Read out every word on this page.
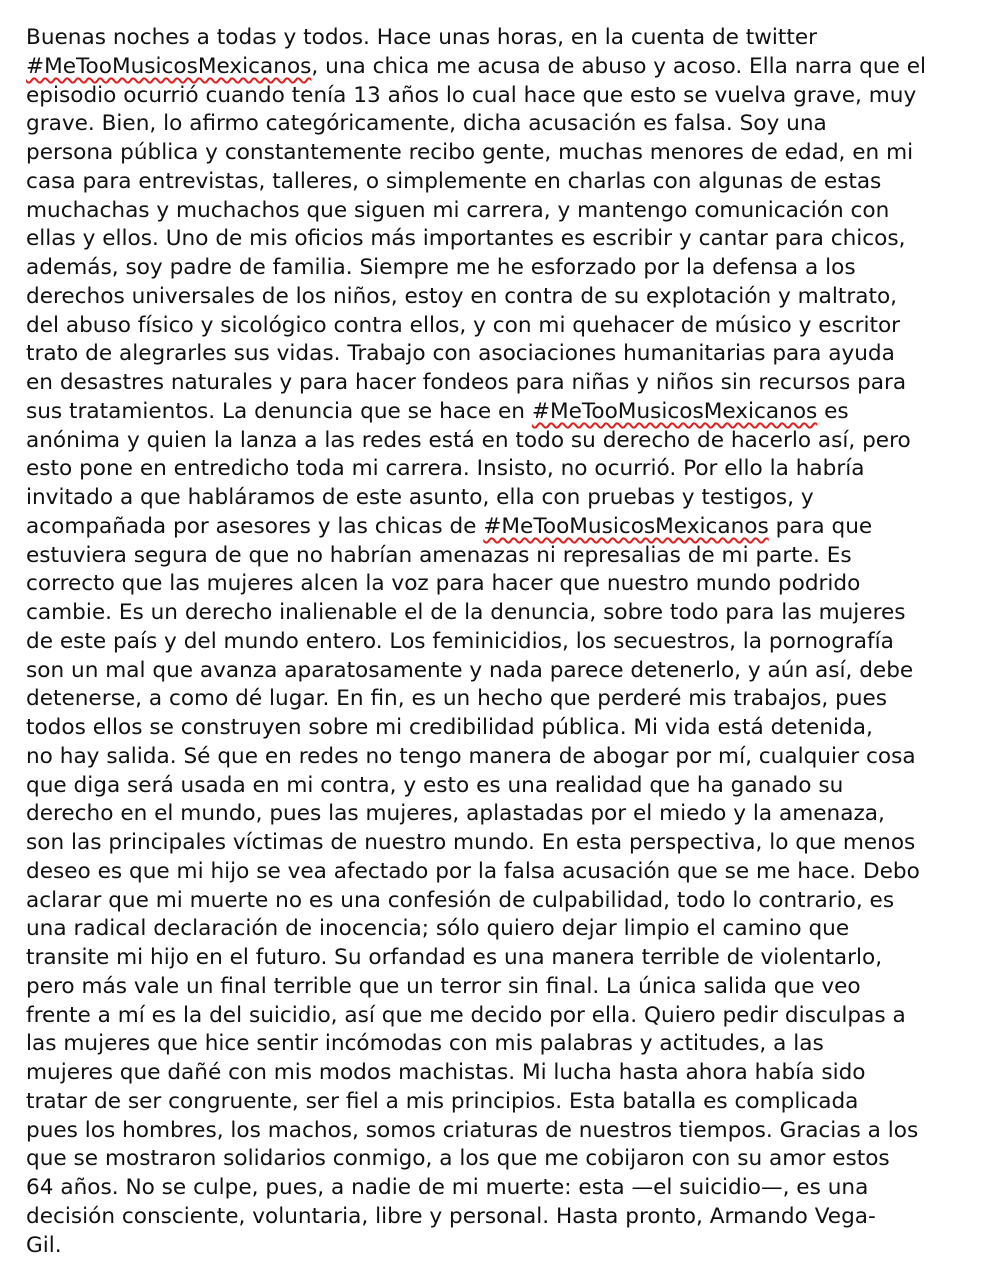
Buenas noches a todas y todos. Hace unas horas, en la cuenta de twitter
#MeTooMusicosMexicanos, una chica me acusa de abuso y acoso. Ella narra que el
episodio ocurrió cuando tenía 13 años lo cual hace que esto se vuelva grave, muy
grave. Bien, lo afirmo categóricamente, dicha acusación es falsa. Soy una
persona pública y constantemente recibo gente, muchas menores de edad, en mi
casa para entrevistas, talleres, o simplemente en charlas con algunas de estas
muchachas y muchachos que siguen mi carrera, y mantengo comunicación con
ellas y ellos. Uno de mis oficios más importantes es escribir y cantar para chicos,
además, soy padre de familia. Siempre me he esforzado por la defensa a los
derechos universales de los niños, estoy en contra de su explotación y maltrato,
del abuso físico y sicológico contra ellos, y con mi quehacer de músico y escritor
trato de alegrarles sus vidas. Trabajo con asociaciones humanitarias para ayuda
en desastres naturales y para hacer fondeos para niñas y niños sin recursos para
sus tratamientos. La denuncia que se hace en #MeTooMusicosMexicanos es
anónima y quien la lanza a las redes está en todo su derecho de hacerlo así, pero
esto pone en entredicho toda mi carrera. Insisto, no ocurrió. Por ello la habría
invitado a que habláramos de este asunto, ella con pruebas y testigos, y
acompañada por asesores y las chicas de #MeTooMusicosMexicanos para que
estuviera segura de que no habrían amenazas ni represalias de mi parte. Es
correcto que las mujeres alcen la voz para hacer que nuestro mundo podrido
cambie. Es un derecho inalienable el de la denuncia, sobre todo para las mujeres
de este país y del mundo entero. Los feminicidios, los secuestros, la pornografía
son un mal que avanza aparatosamente y nada parece detenerlo, y aún así, debe
detenerse, a como dé lugar. En fin, es un hecho que perderé mis trabajos, pues
todos ellos se construyen sobre mi credibilidad pública. Mi vida está detenida,
no hay salida. Sé que en redes no tengo manera de abogar por mí, cualquier cosa
que diga será usada en mi contra, y esto es una realidad que ha ganado su
derecho en el mundo, pues las mujeres, aplastadas por el miedo y la amenaza,
son las principales víctimas de nuestro mundo. En esta perspectiva, lo que menos
deseo es que mi hijo se vea afectado por la falsa acusación que se me hace. Debo
aclarar que mi muerte no es una confesión de culpabilidad, todo lo contrario, es
una radical declaración de inocencia; sólo quiero dejar limpio el camino que
transite mi hijo en el futuro. Su orfandad es una manera terrible de violentarlo,
pero más vale un final terrible que un terror sin final. La única salida que veo
frente a mí es la del suicidio, así que me decido por ella. Quiero pedir disculpas a
las mujeres que hice sentir incómodas con mis palabras y actitudes, a las
mujeres que dañé con mis modos machistas. Mi lucha hasta ahora había sido
tratar de ser congruente, ser fiel a mis principios. Esta batalla es complicada
pues los hombres, los machos, somos criaturas de nuestros tiempos. Gracias a los
que se mostraron solidarios conmigo, a los que me cobijaron con su amor estos
64 años. No se culpe, pues, a nadie de mi muerte: esta —el suicidio—, es una
decisión consciente, voluntaria, libre y personal. Hasta pronto, Armando Vega-
Gil.
